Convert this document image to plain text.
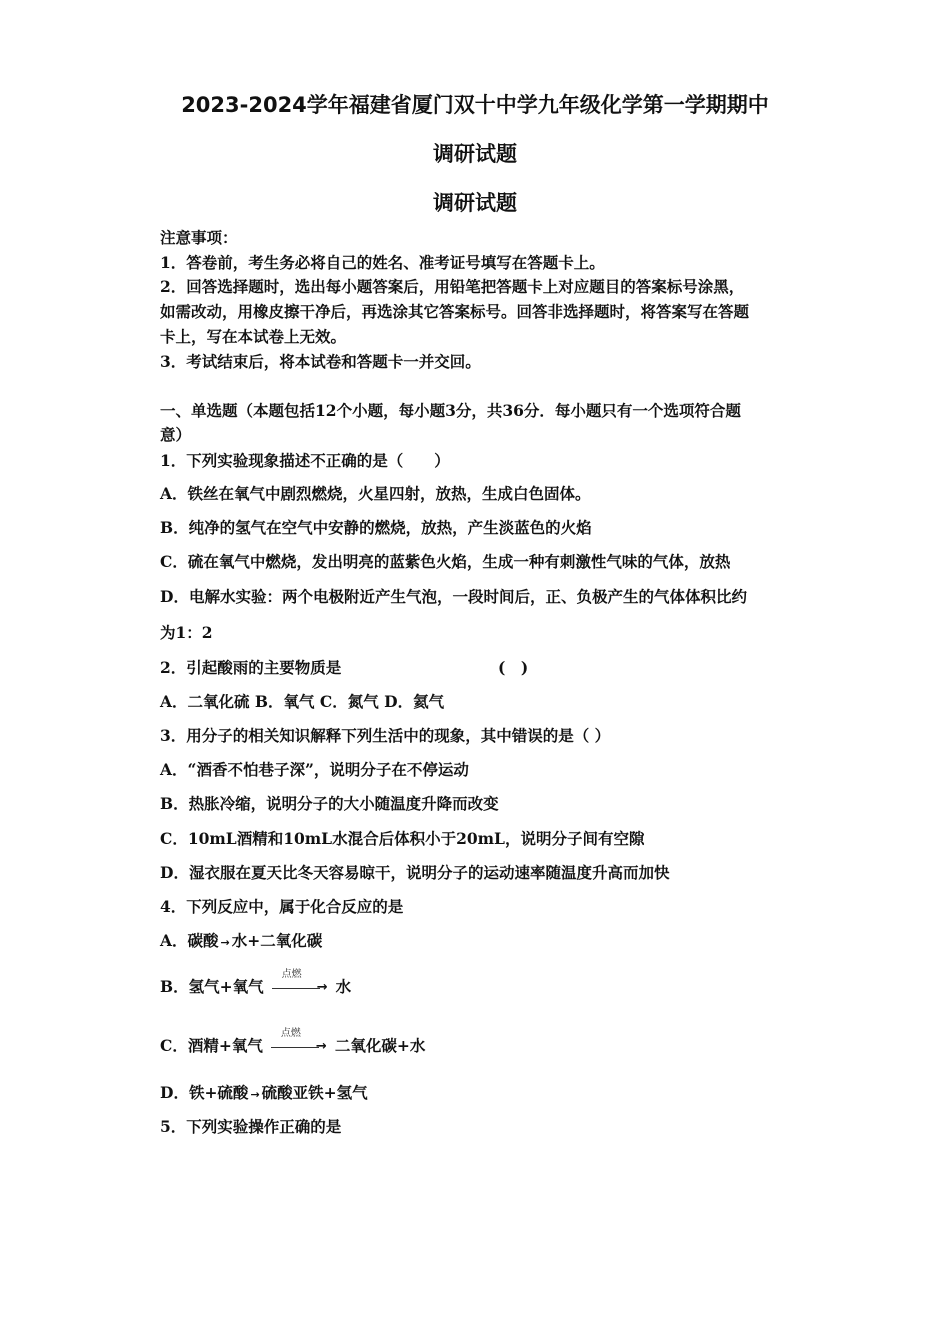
2023-2024学年福建省厦门双十中学九年级化学第一学期期中
调研试题
调研试题
注意事项：
1．答卷前，考生务必将自己的姓名、准考证号填写在答题卡上。
2．回答选择题时，选出每小题答案后，用铅笔把答题卡上对应题目的答案标号涂黑，
如需改动，用橡皮擦干净后，再选涂其它答案标号。回答非选择题时，将答案写在答题
卡上，写在本试卷上无效。
3．考试结束后，将本试卷和答题卡一并交回。
一、单选题（本题包括12个小题，每小题3分，共36分．每小题只有一个选项符合题
意）
1．下列实验现象描述不正确的是（　　）
A．铁丝在氧气中剧烈燃烧，火星四射，放热，生成白色固体。
B．纯净的氢气在空气中安静的燃烧，放热，产生淡蓝色的火焰
C．硫在氧气中燃烧，发出明亮的蓝紫色火焰，生成一种有刺激性气味的气体，放热
D．电解水实验：两个电极附近产生气泡，一段时间后，正、负极产生的气体体积比约
为1：2
2．引起酸雨的主要物质是	(　)
A．二氧化硫 B．氧气 C．氮气 D．氦气
3．用分子的相关知识解释下列生活中的现象，其中错误的是（ ）
A．“酒香不怕巷子深”，说明分子在不停运动
B．热胀冷缩，说明分子的大小随温度升降而改变
C．10mL酒精和10mL水混合后体积小于20mL，说明分子间有空隙
D．湿衣服在夏天比冬天容易晾干，说明分子的运动速率随温度升高而加快
4．下列反应中，属于化合反应的是
A．碳酸 → 水+二氧化碳
B．氢气+氧气
点燃
→ 水
C．酒精+氧气
点燃
→ 二氧化碳+水
D．铁+硫酸 → 硫酸亚铁+氢气
5．下列实验操作正确的是
